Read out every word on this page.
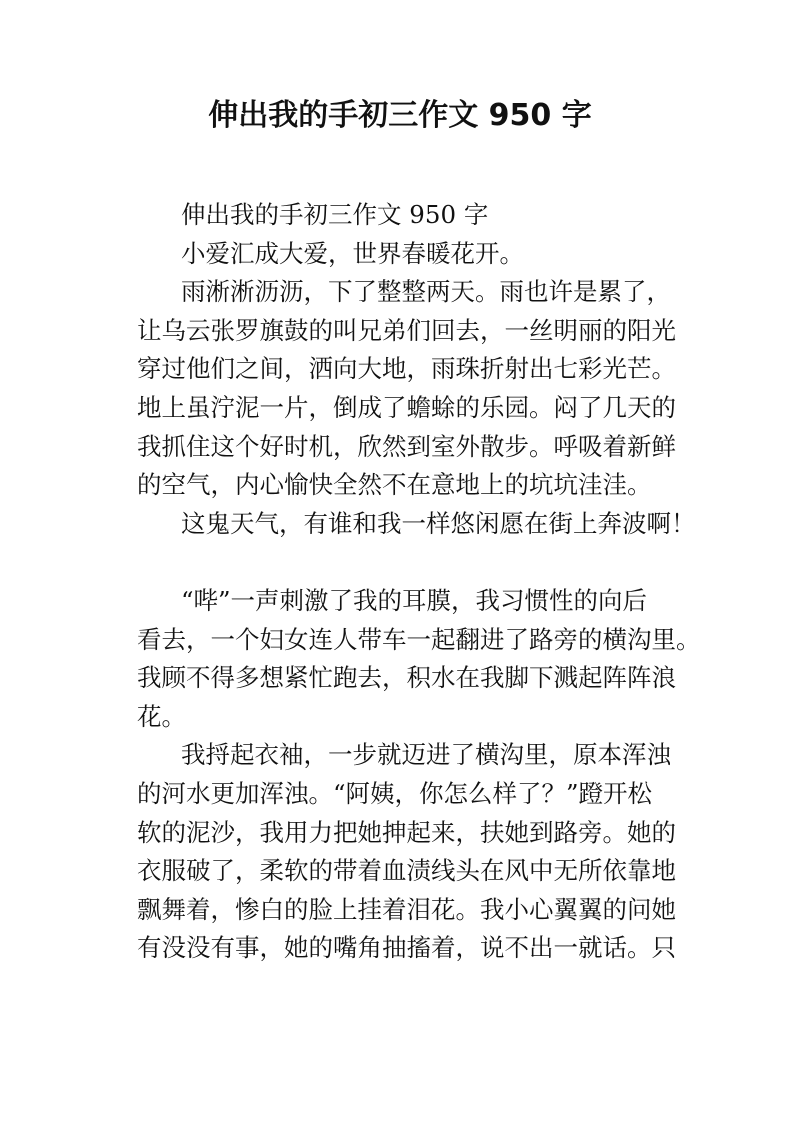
伸出我的手初三作文 950 字
伸出我的手初三作文 950 字
小爱汇成大爱，世界春暖花开。
雨淅淅沥沥，下了整整两天。雨也许是累了，
让乌云张罗旗鼓的叫兄弟们回去，一丝明丽的阳光
穿过他们之间，洒向大地，雨珠折射出七彩光芒。
地上虽泞泥一片，倒成了蟾蜍的乐园。闷了几天的
我抓住这个好时机，欣然到室外散步。呼吸着新鲜
的空气，内心愉快全然不在意地上的坑坑洼洼。
这鬼天气，有谁和我一样悠闲愿在街上奔波啊！
“哔”一声刺激了我的耳膜，我习惯性的向后
看去，一个妇女连人带车一起翻进了路旁的横沟里。
我顾不得多想紧忙跑去，积水在我脚下溅起阵阵浪
花。
我捋起衣袖，一步就迈进了横沟里，原本浑浊
的河水更加浑浊。“阿姨，你怎么样了？”蹬开松
软的泥沙，我用力把她抻起来，扶她到路旁。她的
衣服破了，柔软的带着血渍线头在风中无所依靠地
飘舞着，惨白的脸上挂着泪花。我小心翼翼的问她
有没没有事，她的嘴角抽搐着，说不出一就话。只
